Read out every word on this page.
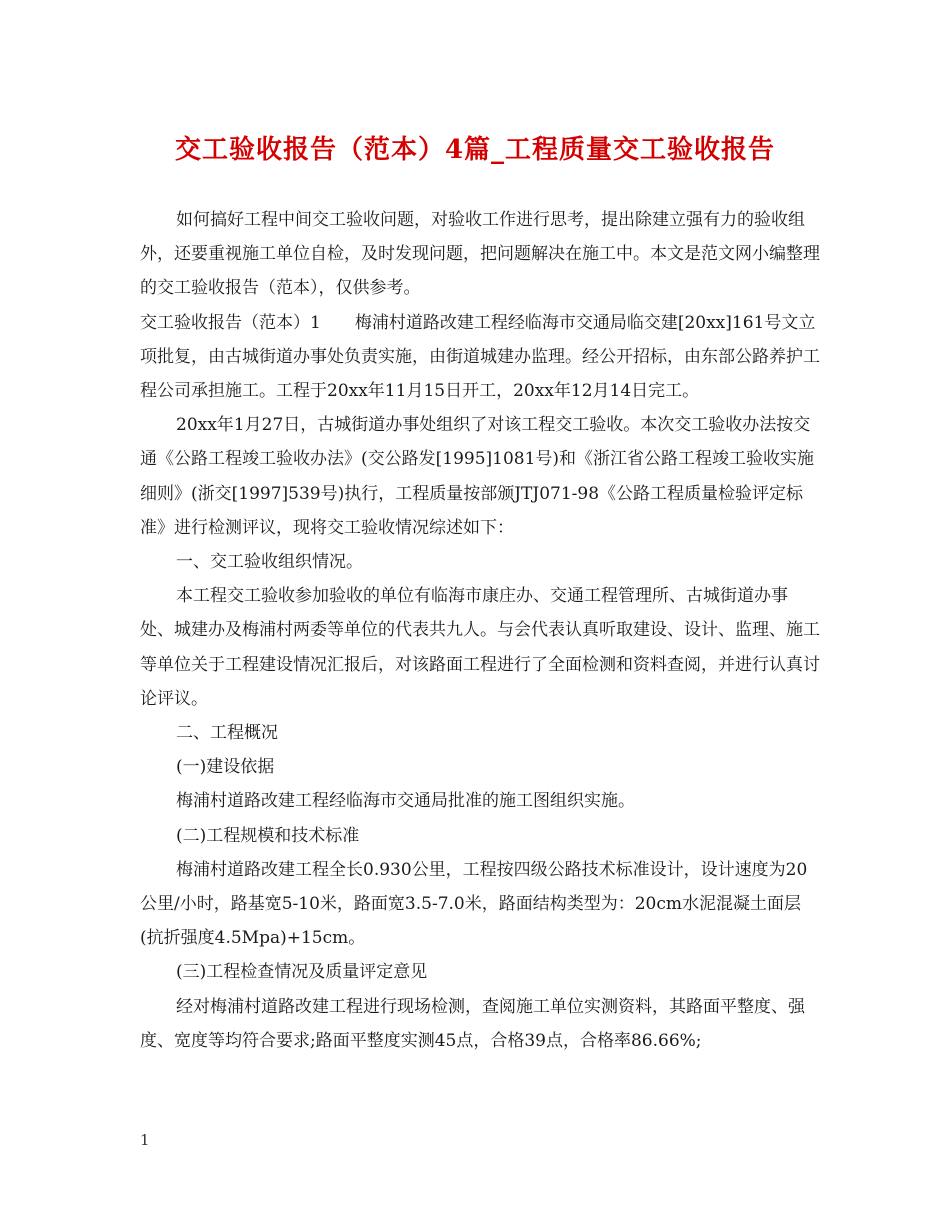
交工验收报告（范本）4篇_工程质量交工验收报告

如何搞好工程中间交工验收问题，对验收工作进行思考，提出除建立强有力的验收组外，还要重视施工单位自检，及时发现问题，把问题解决在施工中。本文是范文网小编整理的交工验收报告（范本），仅供参考。

交工验收报告（范本）1　　梅浦村道路改建工程经临海市交通局临交建[20xx]161号文立项批复，由古城街道办事处负责实施，由街道城建办监理。经公开招标，由东部公路养护工程公司承担施工。工程于20xx年11月15日开工，20xx年12月14日完工。

20xx年1月27日，古城街道办事处组织了对该工程交工验收。本次交工验收办法按交通《公路工程竣工验收办法》(交公路发[1995]1081号)和《浙江省公路工程竣工验收实施细则》(浙交[1997]539号)执行，工程质量按部颁JTJ071-98《公路工程质量检验评定标准》进行检测评议，现将交工验收情况综述如下：

一、交工验收组织情况。

本工程交工验收参加验收的单位有临海市康庄办、交通工程管理所、古城街道办事处、城建办及梅浦村两委等单位的代表共九人。与会代表认真听取建设、设计、监理、施工等单位关于工程建设情况汇报后，对该路面工程进行了全面检测和资料查阅，并进行认真讨论评议。

二、工程概况

(一)建设依据

梅浦村道路改建工程经临海市交通局批准的施工图组织实施。

(二)工程规模和技术标准

梅浦村道路改建工程全长0.930公里，工程按四级公路技术标准设计，设计速度为20公里/小时，路基宽5-10米，路面宽3.5-7.0米，路面结构类型为：20cm水泥混凝土面层(抗折强度4.5Mpa)+15cm。

(三)工程检查情况及质量评定意见

经对梅浦村道路改建工程进行现场检测，查阅施工单位实测资料，其路面平整度、强度、宽度等均符合要求;路面平整度实测45点，合格39点，合格率86.66%;

1
